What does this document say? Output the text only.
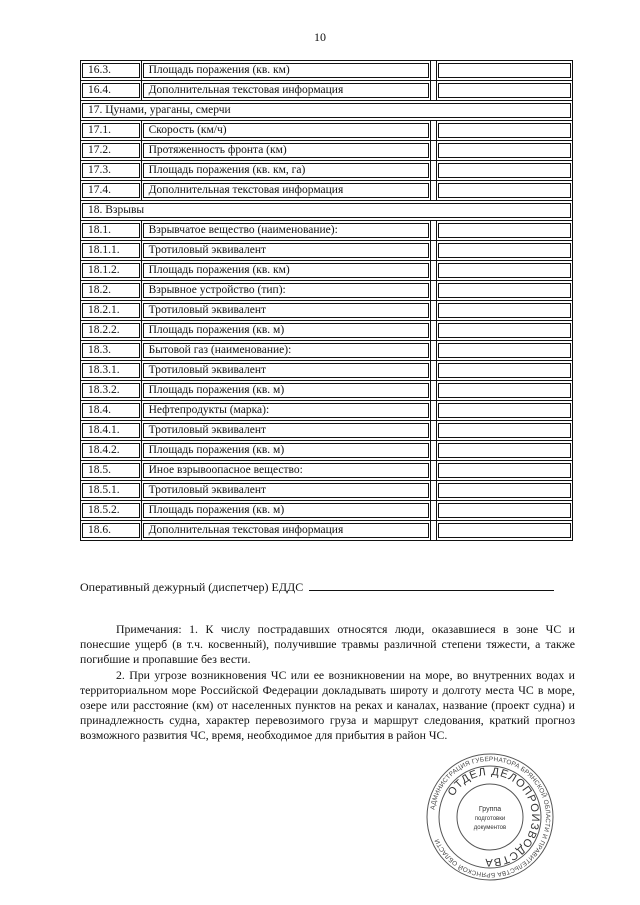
10
16.3.	Площадь поражения (кв. км)		

16.4.	Дополнительная текстовая информация		

17. Цунами, ураганы, смерчи			

17.1.	Скорость (км/ч)		

17.2.	Протяженность фронта (км)		

17.3.	Площадь поражения (кв. км, га)		

17.4.	Дополнительная текстовая информация		

18. Взрывы			

18.1.	Взрывчатое вещество (наименование):		

18.1.1.	Тротиловый эквивалент		

18.1.2.	Площадь поражения (кв. км)		

18.2.	Взрывное устройство (тип):		

18.2.1.	Тротиловый эквивалент		

18.2.2.	Площадь поражения (кв. м)		

18.3.	Бытовой газ (наименование):		

18.3.1.	Тротиловый эквивалент		

18.3.2.	Площадь поражения (кв. м)		

18.4.	Нефтепродукты (марка):		

18.4.1.	Тротиловый эквивалент		

18.4.2.	Площадь поражения (кв. м)		

18.5.	Иное взрывоопасное вещество:		

18.5.1.	Тротиловый эквивалент		

18.5.2.	Площадь поражения (кв. м)		

18.6.	Дополнительная текстовая информация		

Оперативный дежурный (диспетчер) ЕДДС

Примечания: 1. К числу пострадавших относятся люди, оказавшиеся в зоне ЧС и понесшие ущерб (в т.ч. косвенный), получившие травмы различной степени тяжести, а также погибшие и пропавшие без вести.

2. При угрозе возникновения ЧС или ее возникновении на море, во внутренних водах и территориальном море Российской Федерации докладывать широту и долготу места ЧС в море, озере или расстояние (км) от населенных пунктов на реках и каналах, название (проект судна) и принадлежность судна, характер перевозимого груза и маршрут следования, краткий прогноз возможного развития ЧС, время, необходимое для прибытия в район ЧС.

АДМИНИСТРАЦИЯ ГУБЕРНАТОРА БРЯНСКОЙ ОБЛАСТИ И ПРАВИТЕЛЬСТВА БРЯНСКОЙ ОБЛАСТИ
ОТДЕЛ ДЕЛОПРОИЗВОДСТВА
Группа
подготовки
документов
